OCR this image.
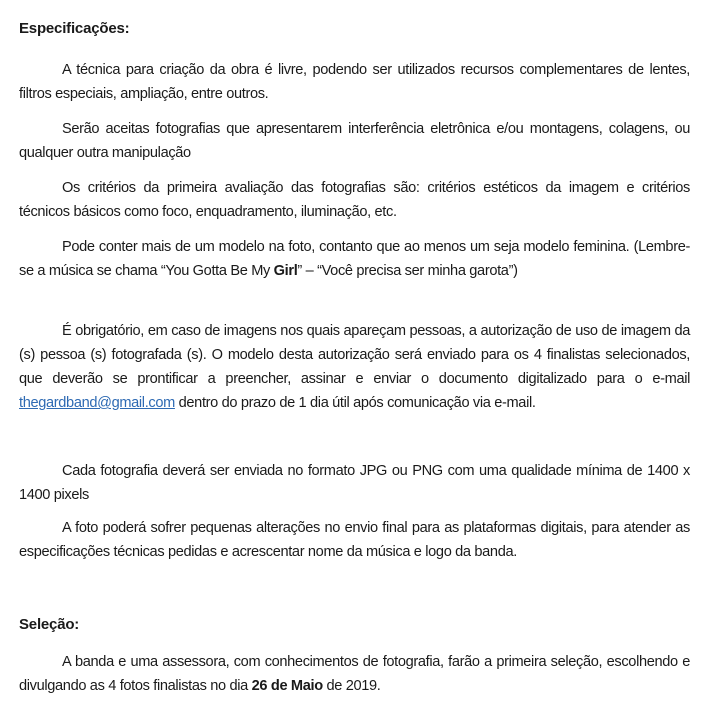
Especificações:
A técnica para criação da obra é livre, podendo ser utilizados recursos complementares de lentes, filtros especiais, ampliação, entre outros.
Serão aceitas fotografias que apresentarem interferência eletrônica e/ou montagens, colagens, ou qualquer outra manipulação
Os critérios da primeira avaliação das fotografias são: critérios estéticos da imagem e critérios técnicos básicos como foco, enquadramento, iluminação, etc.
Pode conter mais de um modelo na foto, contanto que ao menos um seja modelo feminina. (Lembre-se a música se chama “You Gotta Be My Girl” – “Você precisa ser minha garota”)
É obrigatório, em caso de imagens nos quais apareçam pessoas, a autorização de uso de imagem da (s) pessoa (s) fotografada (s). O modelo desta autorização será enviado para os 4 finalistas selecionados, que deverão se prontificar a preencher, assinar e enviar o documento digitalizado para o e-mail thegardband@gmail.com dentro do prazo de 1 dia útil após comunicação via e-mail.
Cada fotografia deverá ser enviada no formato JPG ou PNG com uma qualidade mínima de 1400 x 1400 pixels
A foto poderá sofrer pequenas alterações no envio final para as plataformas digitais, para atender as especificações técnicas pedidas e acrescentar nome da música e logo da banda.
Seleção:
A banda e uma assessora, com conhecimentos de fotografia, farão a primeira seleção, escolhendo e divulgando as 4 fotos finalistas no dia 26 de Maio de 2019.
